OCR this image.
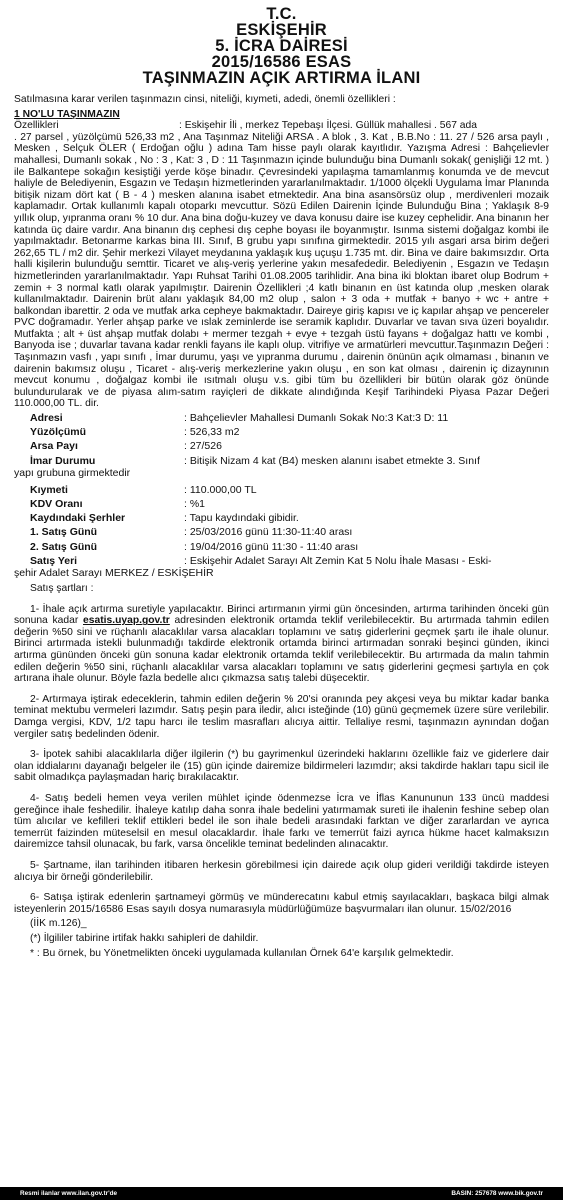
T.C.
ESKİŞEHİR
5. İCRA DAİRESİ
2015/16586 ESAS
TAŞINMAZIN AÇIK ARTIRMA İLANI

Satılmasına karar verilen taşınmazın cinsi, niteliği, kıymeti, adedi, önemli özellikleri :

1 NO'LU TAŞINMAZIN

Özellikleri	: Eskişehir İli , merkez Tepebaşı İlçesi. Güllük mahallesi . 567 ada

. 27 parsel , yüzölçümü 526,33 m2 , Ana Taşınmaz Niteliği ARSA . A blok , 3. Kat , B.B.No : 11. 27 / 526 arsa paylı , Mesken , Selçuk ÖLER ( Erdoğan oğlu ) adına Tam hisse paylı olarak kayıtlıdır. Yazışma Adresi : Bahçelievler mahallesi, Dumanlı sokak , No : 3 , Kat: 3 , D : 11 Taşınmazın içinde bulunduğu bina Dumanlı sokak( genişliği 12 mt. ) ile Balkantepe sokağın kesiştiği yerde köşe binadır. Çevresindeki yapılaşma tamamlanmış konumda ve de mevcut haliyle de Belediyenin, Esgazın ve Tedaşın hizmetlerinden yararlanılmaktadır. 1/1000 ölçekli Uygulama İmar Planında bitişik nizam dört kat ( B - 4 ) mesken alanına isabet etmektedir. Ana bina asansörsüz olup , merdivenleri mozaik kaplamadır. Ortak kullanımlı kapalı otoparkı mevcuttur. Sözü Edilen Dairenin İçinde Bulunduğu Bina ; Yaklaşık 8-9 yıllık olup, yıpranma oranı % 10 dur. Ana bina doğu-kuzey ve dava konusu daire ise kuzey cephelidir. Ana binanın her katında üç daire vardır. Ana binanın dış cephesi dış cephe boyası ile boyanmıştır. Isınma sistemi doğalgaz kombi ile yapılmaktadır. Betonarme karkas bina III. Sınıf, B grubu yapı sınıfına girmektedir. 2015 yılı asgari arsa birim değeri 262,65 TL / m2 dir. Şehir merkezi Vilayet meydanına yaklaşık kuş uçuşu 1.735 mt. dir. Bina ve daire bakımsızdır. Orta halli kişilerin bulunduğu semttir. Ticaret ve alış-veriş yerlerine yakın mesafededir. Belediyenin , Esgazın ve Tedaşın hizmetlerinden yararlanılmaktadır. Yapı Ruhsat Tarihi 01.08.2005 tarihlidir. Ana bina iki bloktan ibaret olup Bodrum + zemin + 3 normal katlı olarak yapılmıştır. Dairenin Özellikleri ;4 katlı binanın en üst katında olup ,mesken olarak kullanılmaktadır. Dairenin brüt alanı yaklaşık 84,00 m2 olup , salon + 3 oda + mutfak + banyo + wc + antre + balkondan ibarettir. 2 oda ve mutfak arka cepheye bakmaktadır. Daireye giriş kapısı ve iç kapılar ahşap ve pencereler PVC doğramadır. Yerler ahşap parke ve ıslak zeminlerde ise seramik kaplıdır. Duvarlar ve tavan sıva üzeri boyalıdır. Mutfakta ; alt + üst ahşap mutfak dolabı + mermer tezgah + evye + tezgah üstü fayans + doğalgaz hattı ve kombi , Banyoda ise ; duvarlar tavana kadar renkli fayans ile kaplı olup. vitrifiye ve armatürleri mevcuttur.Taşınmazın Değeri : Taşınmazın vasfı , yapı sınıfı , İmar durumu, yaşı ve yıpranma durumu , dairenin önünün açık olmaması , binanın ve dairenin bakımsız oluşu , Ticaret - alış-veriş merkezlerine yakın oluşu , en son kat olması , dairenin iç dizaynının mevcut konumu , doğalgaz kombi ile ısıtmalı oluşu v.s. gibi tüm bu özellikleri bir bütün olarak göz önünde bulundurularak ve de piyasa alım-satım rayiçleri de dikkate alındığında Keşif Tarihindeki Piyasa Pazar Değeri 110.000,00 TL. dir.

Adresi	: Bahçelievler Mahallesi Dumanlı Sokak No:3 Kat:3 D: 11
Yüzölçümü	: 526,33 m2
Arsa Payı	: 27/526
İmar Durumu	: Bitişik Nizam 4 kat (B4) mesken alanını isabet etmekte 3. Sınıf

yapı grubuna girmektedir

Kıymeti	: 110.000,00 TL
KDV Oranı	: %1
Kaydındaki Şerhler	: Tapu kaydındaki gibidir.
1. Satış Günü	: 25/03/2016 günü 11:30-11:40 arası
2. Satış Günü	: 19/04/2016 günü 11:30 - 11:40 arası
Satış Yeri	: Eskişehir Adalet Sarayı Alt Zemin Kat 5 Nolu İhale Masası - Eski-

şehir Adalet Sarayı MERKEZ / ESKİŞEHİR

Satış şartları :

1- İhale açık artırma suretiyle yapılacaktır. Birinci artırmanın yirmi gün öncesinden, artırma tarihinden önceki gün sonuna kadar esatis.uyap.gov.tr adresinden elektronik ortamda teklif verilebilecektir. Bu artırmada tahmin edilen değerin %50 sini ve rüçhanlı alacaklılar varsa alacakları toplamını ve satış giderlerini geçmek şartı ile ihale olunur. Birinci artırmada istekli bulunmadığı takdirde elektronik ortamda birinci artırmadan sonraki beşinci günden, ikinci artırma gününden önceki gün sonuna kadar elektronik ortamda teklif verilebilecektir. Bu artırmada da malın tahmin edilen değerin %50 sini, rüçhanlı alacaklılar varsa alacakları toplamını ve satış giderlerini geçmesi şartıyla en çok artırana ihale olunur. Böyle fazla bedelle alıcı çıkmazsa satış talebi düşecektir.

2- Artırmaya iştirak edeceklerin, tahmin edilen değerin % 20'si oranında pey akçesi veya bu miktar kadar banka teminat mektubu vermeleri lazımdır. Satış peşin para iledir, alıcı isteğinde (10) günü geçmemek üzere süre verilebilir. Damga vergisi, KDV, 1/2 tapu harcı ile teslim masrafları alıcıya aittir. Tellaliye resmi, taşınmazın aynından doğan vergiler satış bedelinden ödenir.

3- İpotek sahibi alacaklılarla diğer ilgilerin (*) bu gayrimenkul üzerindeki haklarını özellikle faiz ve giderlere dair olan iddialarını dayanağı belgeler ile (15) gün içinde dairemize bildirmeleri lazımdır; aksi takdirde hakları tapu sicil ile sabit olmadıkça paylaşmadan hariç bırakılacaktır.

4- Satış bedeli hemen veya verilen mühlet içinde ödenmezse İcra ve İflas Kanununun 133 üncü maddesi gereğince ihale feshedilir. İhaleye katılıp daha sonra ihale bedelini yatırmamak sureti ile ihalenin feshine sebep olan tüm alıcılar ve kefilleri teklif ettikleri bedel ile son ihale bedeli arasındaki farktan ve diğer zararlardan ve ayrıca temerrüt faizinden müteselsil en mesul olacaklardır. İhale farkı ve temerrüt faizi ayrıca hükme hacet kalmaksızın dairemizce tahsil olunacak, bu fark, varsa öncelikle teminat bedelinden alınacaktır.

5- Şartname, ilan tarihinden itibaren herkesin görebilmesi için dairede açık olup gideri verildiği takdirde isteyen alıcıya bir örneği gönderilebilir.

6- Satışa iştirak edenlerin şartnameyi görmüş ve münderecatını kabul etmiş sayılacakları, başkaca bilgi almak isteyenlerin 2015/16586 Esas sayılı dosya numarasıyla müdürlüğümüze başvurmaları ilan olunur. 15/02/2016

(İİK m.126)_

(*) İlgililer tabirine irtifak hakkı sahipleri de dahildir.

* : Bu örnek, bu Yönetmelikten önceki uygulamada kullanılan Örnek 64'e karşılık gelmektedir.

Resmi ilanlar www.ilan.gov.tr'de	BASIN: 257678 www.bik.gov.tr
